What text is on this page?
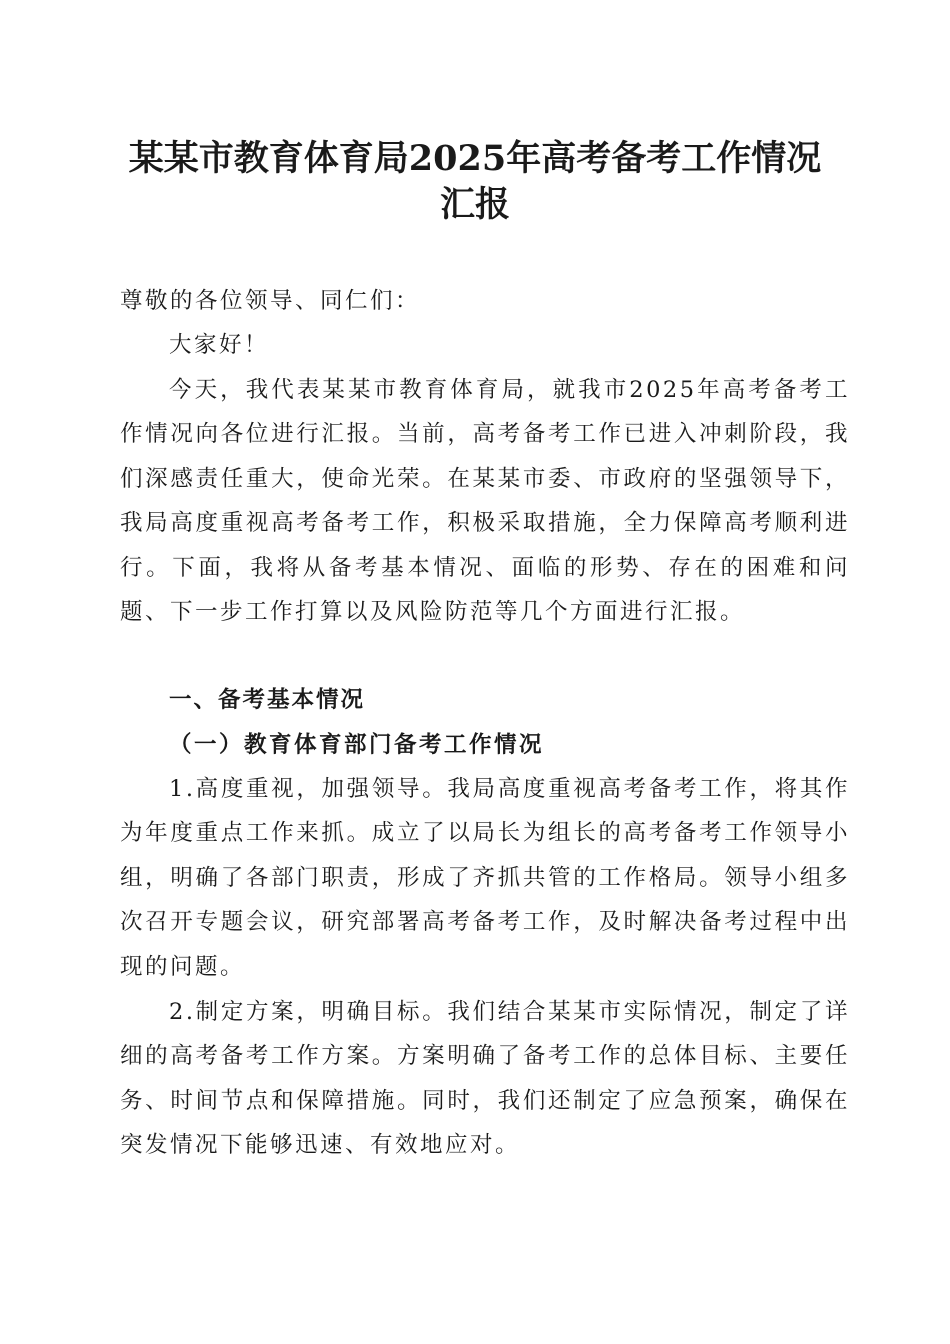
某某市教育体育局2025年高考备考工作情况
汇报

尊敬的各位领导、同仁们：

大家好！

今天，我代表某某市教育体育局，就我市2025年高考备考工作情况向各位进行汇报。当前，高考备考工作已进入冲刺阶段，我们深感责任重大，使命光荣。在某某市委、市政府的坚强领导下，我局高度重视高考备考工作，积极采取措施，全力保障高考顺利进行。下面，我将从备考基本情况、面临的形势、存在的困难和问题、下一步工作打算以及风险防范等几个方面进行汇报。

一、备考基本情况
（一）教育体育部门备考工作情况

1.高度重视，加强领导。我局高度重视高考备考工作，将其作为年度重点工作来抓。成立了以局长为组长的高考备考工作领导小组，明确了各部门职责，形成了齐抓共管的工作格局。领导小组多次召开专题会议，研究部署高考备考工作，及时解决备考过程中出现的问题。

2.制定方案，明确目标。我们结合某某市实际情况，制定了详细的高考备考工作方案。方案明确了备考工作的总体目标、主要任务、时间节点和保障措施。同时，我们还制定了应急预案，确保在突发情况下能够迅速、有效地应对。
